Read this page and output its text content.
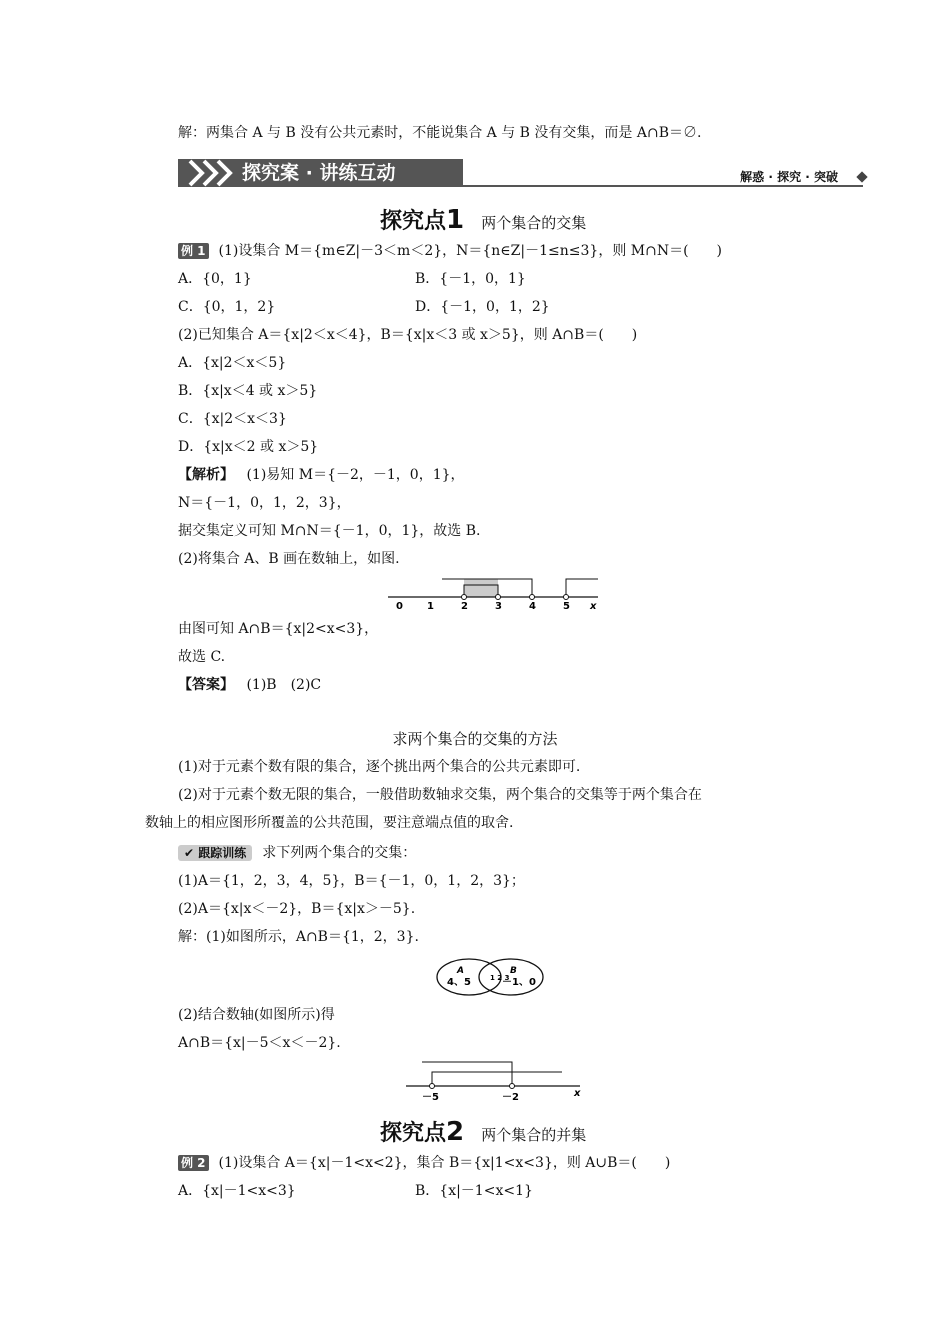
解：两集合 A 与 B 没有公共元素时，不能说集合 A 与 B 没有交集，而是 A∩B＝∅.
探究案 · 讲练互动	解惑 · 探究 · 突破
探究点1 两个集合的交集
例 1 (1)设集合 M＝{m∈Z|－3＜m＜2}，N＝{n∈Z|－1≤n≤3}，则 M∩N＝(　　)
A．{0，1}	B．{－1，0，1}
C．{0，1，2}	D．{－1，0，1，2}
(2)已知集合 A＝{x|2＜x＜4}，B＝{x|x＜3 或 x＞5}，则 A∩B＝(　　)
A．{x|2＜x＜5}
B．{x|x＜4 或 x＞5}
C．{x|2＜x＜3}
D．{x|x＜2 或 x＞5}
【解析】 (1)易知 M＝{－2，－1，0，1}，
N＝{－1，0，1，2，3}，
据交集定义可知 M∩N＝{－1，0，1}，故选 B.
(2)将集合 A、B 画在数轴上，如图.
0 1	2	3	4	5 x
由图可知 A∩B＝{x|2<x<3}，
故选 C.
【答案】 (1)B　(2)C
求两个集合的交集的方法
(1)对于元素个数有限的集合，逐个挑出两个集合的公共元素即可.
(2)对于元素个数无限的集合，一般借助数轴求交集，两个集合的交集等于两个集合在
数轴上的相应图形所覆盖的公共范围，要注意端点值的取舍.
✔ 跟踪训练 求下列两个集合的交集：
(1)A＝{1，2，3，4，5}，B＝{－1，0，1，2，3}；
(2)A＝{x|x＜－2}，B＝{x|x＞－5}.
解：(1)如图所示，A∩B＝{1，2，3}.
A
4、5	1 2 3
B
－1、0
(2)结合数轴(如图所示)得
A∩B＝{x|－5＜x＜－2}.
－5	－2	x
探究点2 两个集合的并集
例 2 (1)设集合 A＝{x|－1<x<2}，集合 B＝{x|1<x<3}，则 A∪B＝(　　)
A．{x|－1<x<3}	B．{x|－1<x<1}
